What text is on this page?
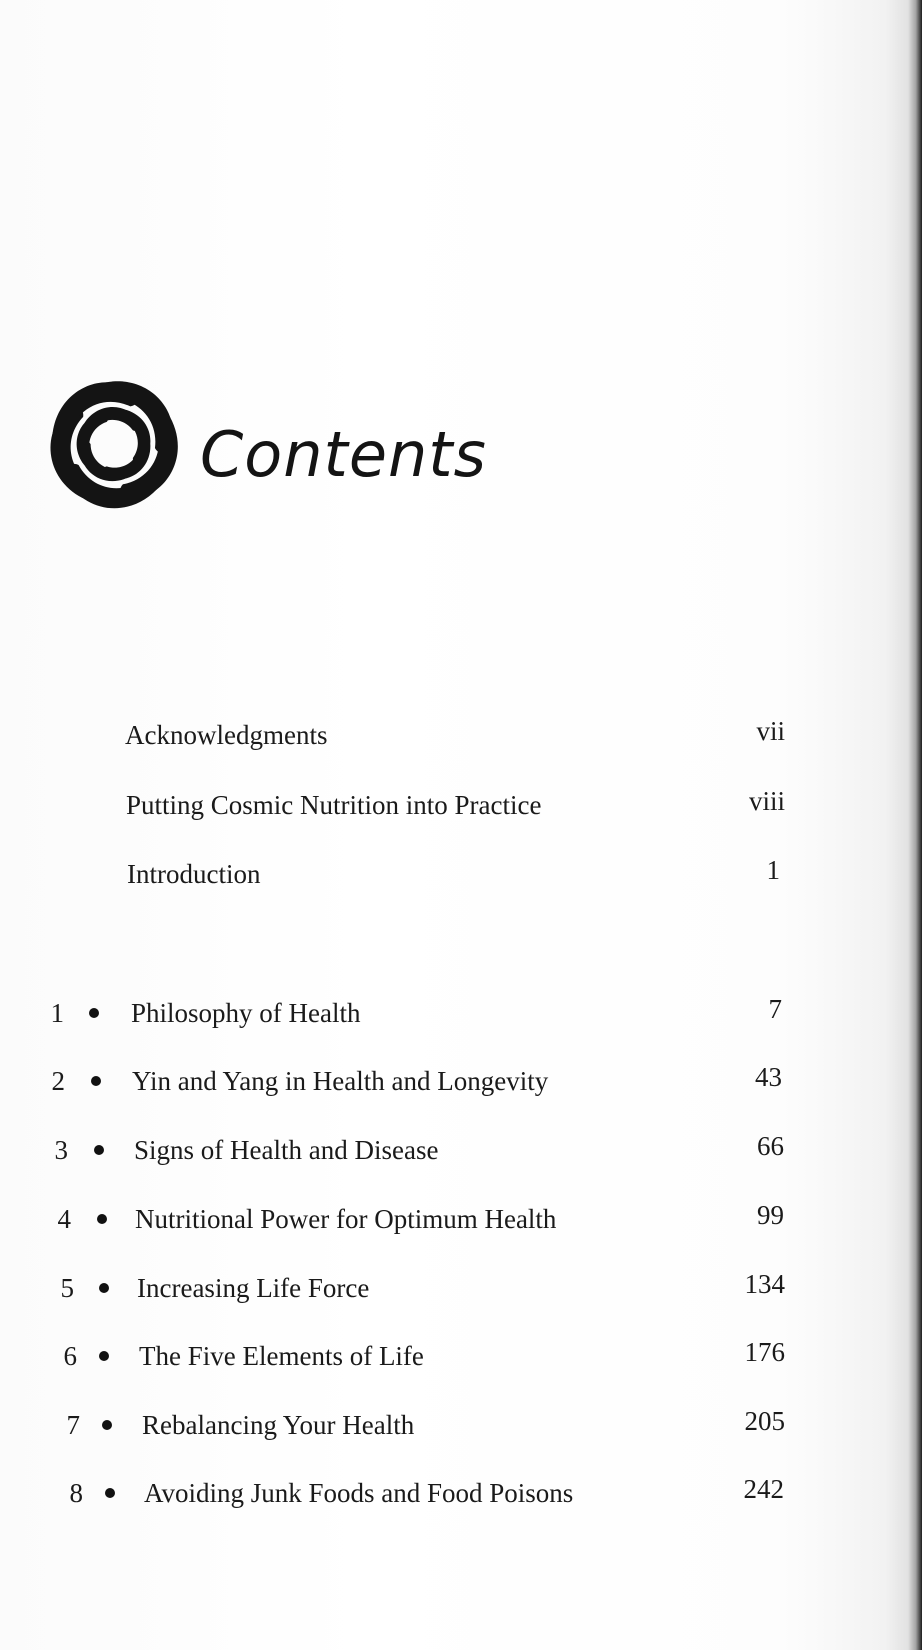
Contents
Acknowledgments	vii
Putting Cosmic Nutrition into Practice	viii
Introduction	1
1 Philosophy of Health	7
2 Yin and Yang in Health and Longevity	43
3 Signs of Health and Disease	66
4 Nutritional Power for Optimum Health	99
5 Increasing Life Force	134
6 The Five Elements of Life	176
7 Rebalancing Your Health	205
8 Avoiding Junk Foods and Food Poisons	242
